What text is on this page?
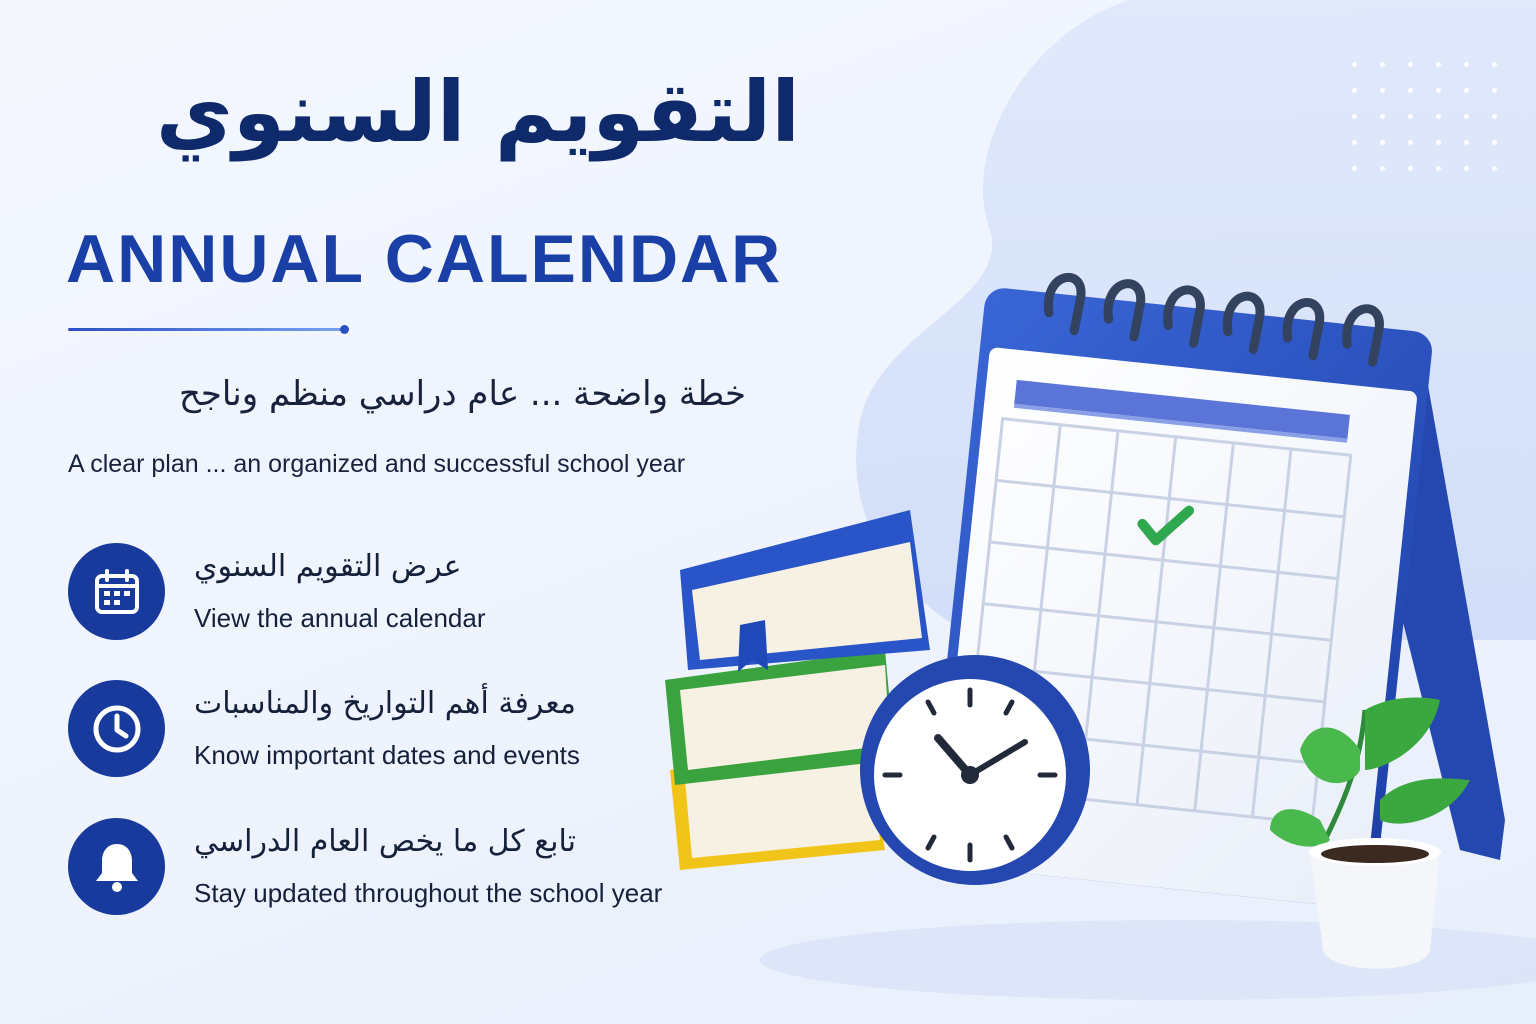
التقويم السنوي
ANNUAL CALENDAR
خطة واضحة ... عام دراسي منظم وناجح
A clear plan ... an organized and successful school year
عرض التقويم السنوي
View the annual calendar
معرفة أهم التواريخ والمناسبات
Know important dates and events
تابع كل ما يخص العام الدراسي
Stay updated throughout the school year
